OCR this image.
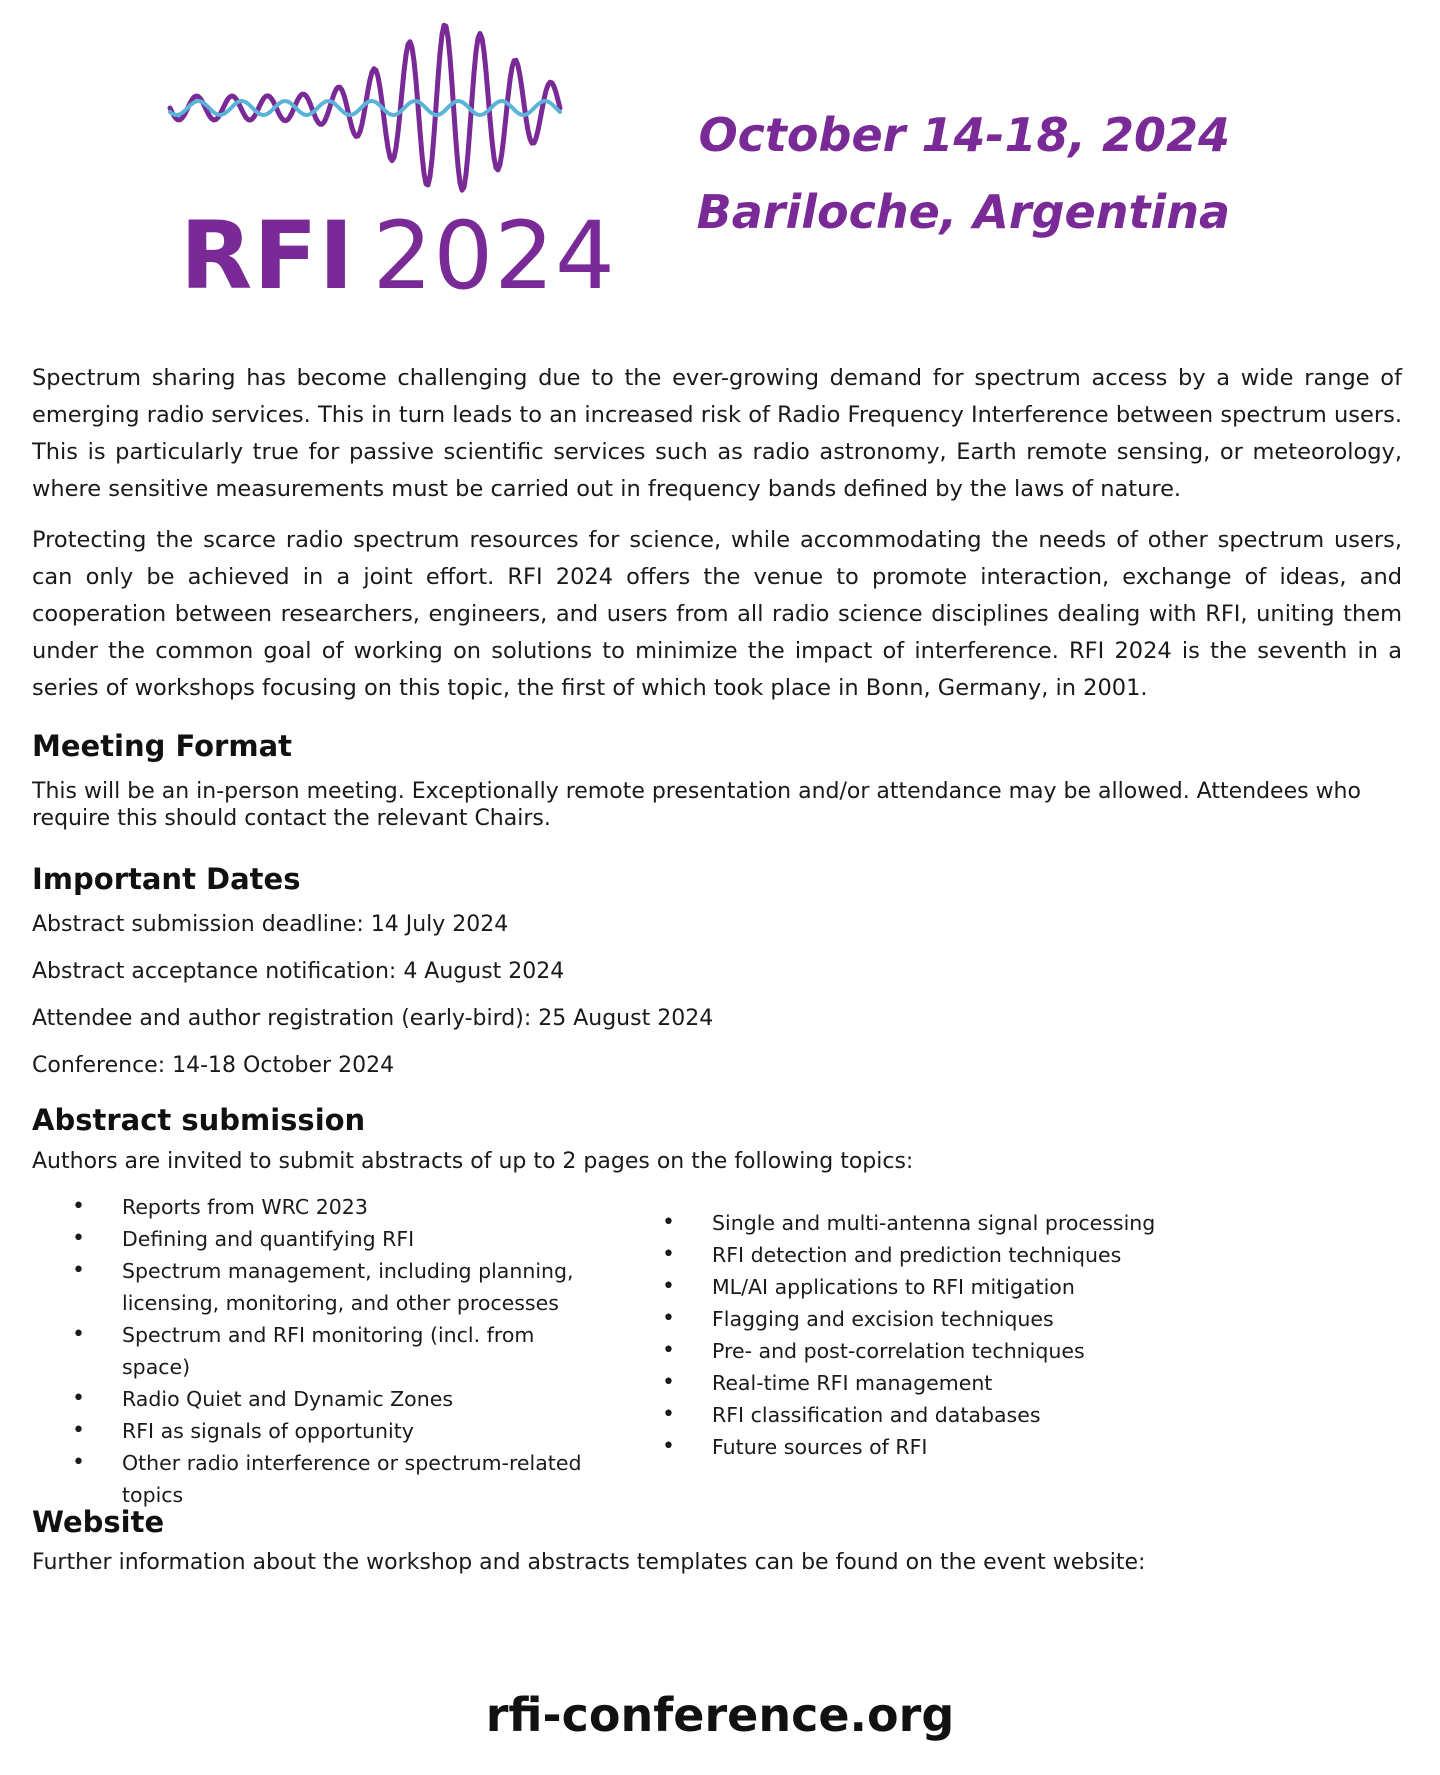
RFI 2024
October 14-18, 2024
Bariloche, Argentina

Spectrum sharing has become challenging due to the ever-growing demand for spectrum access by a wide range of emerging radio services. This in turn leads to an increased risk of Radio Frequency Interference between spectrum users. This is particularly true for passive scientific services such as radio astronomy, Earth remote sensing, or meteorology, where sensitive measurements must be carried out in frequency bands defined by the laws of nature.

Protecting the scarce radio spectrum resources for science, while accommodating the needs of other spectrum users, can only be achieved in a joint effort. RFI 2024 offers the venue to promote interaction, exchange of ideas, and cooperation between researchers, engineers, and users from all radio science disciplines dealing with RFI, uniting them under the common goal of working on solutions to minimize the impact of interference. RFI 2024 is the seventh in a series of workshops focusing on this topic, the first of which took place in Bonn, Germany, in 2001.

Meeting Format

This will be an in-person meeting. Exceptionally remote presentation and/or attendance may be allowed. Attendees who require this should contact the relevant Chairs.

Important Dates
Abstract submission deadline: 14 July 2024
Abstract acceptance notification: 4 August 2024
Attendee and author registration (early-bird): 25 August 2024
Conference: 14-18 October 2024
Abstract submission

Authors are invited to submit abstracts of up to 2 pages on the following topics:

• Reports from WRC 2023
• Defining and quantifying RFI
• Spectrum management, including planning, licensing, monitoring, and other processes
• Spectrum and RFI monitoring (incl. from space)
• Radio Quiet and Dynamic Zones
• RFI as signals of opportunity
• Other radio interference or spectrum-related topics
• Single and multi-antenna signal processing
• RFI detection and prediction techniques
• ML/AI applications to RFI mitigation
• Flagging and excision techniques
• Pre- and post-correlation techniques
• Real-time RFI management
• RFI classification and databases
• Future sources of RFI
Website

Further information about the workshop and abstracts templates can be found on the event website:

rfi-conference.org
